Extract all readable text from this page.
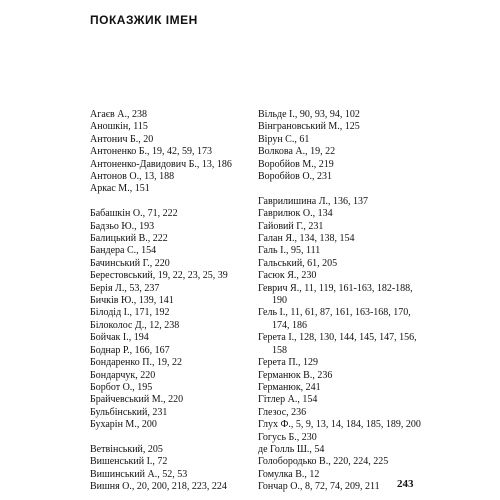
ПОКАЗЖИК ІМЕН
Агаєв А., 238
Аношкін, 115
Антонич Б., 20
Антоненко Б., 19, 42, 59, 173
Антоненко-Давидович Б., 13, 186
Антонов О., 13, 188
Аркас М., 151
Бабашкін О., 71, 222
Бадзьо Ю., 193
Балицький В., 222
Бандера С., 154
Бачинський Г., 220
Берестовський, 19, 22, 23, 25, 39
Берія Л., 53, 237
Бичків Ю., 139, 141
Білодід І., 171, 192
Білоколос Д., 12, 238
Бойчак І., 194
Боднар Р., 166, 167
Бондаренко П., 19, 22
Бондарчук, 220
Борбот О., 195
Брайчевський М., 220
Бульбінський, 231
Бухарін М., 200
Ветвінський, 205
Вишенський І., 72
Вишинський А., 52, 53
Вишня О., 20, 200, 218, 223, 224
Вільде І., 90, 93, 94, 102
Вінграновський М., 125
Вірун С., 61
Волкова А., 19, 22
Воробйов М., 219
Воробйов О., 231
Гаврилишина Л., 136, 137
Гаврилюк О., 134
Гайовий Г., 231
Галан Я., 134, 138, 154
Галь І., 95, 111
Гальський, 61, 205
Гасюк Я., 230
Геврич Я., 11, 119, 161-163, 182-188, 190
Гель І., 11, 61, 87, 161, 163-168, 170, 174, 186
Герета І., 128, 130, 144, 145, 147, 156, 158
Герета П., 129
Германюк В., 236
Германюк, 241
Гітлер А., 154
Глезос, 236
Глух Ф., 5, 9, 13, 14, 184, 185, 189, 200
Гогусь Б., 230
де Голль Ш., 54
Голобородько В., 220, 224, 225
Гомулка В., 12
Гончар О., 8, 72, 74, 209, 211	243
